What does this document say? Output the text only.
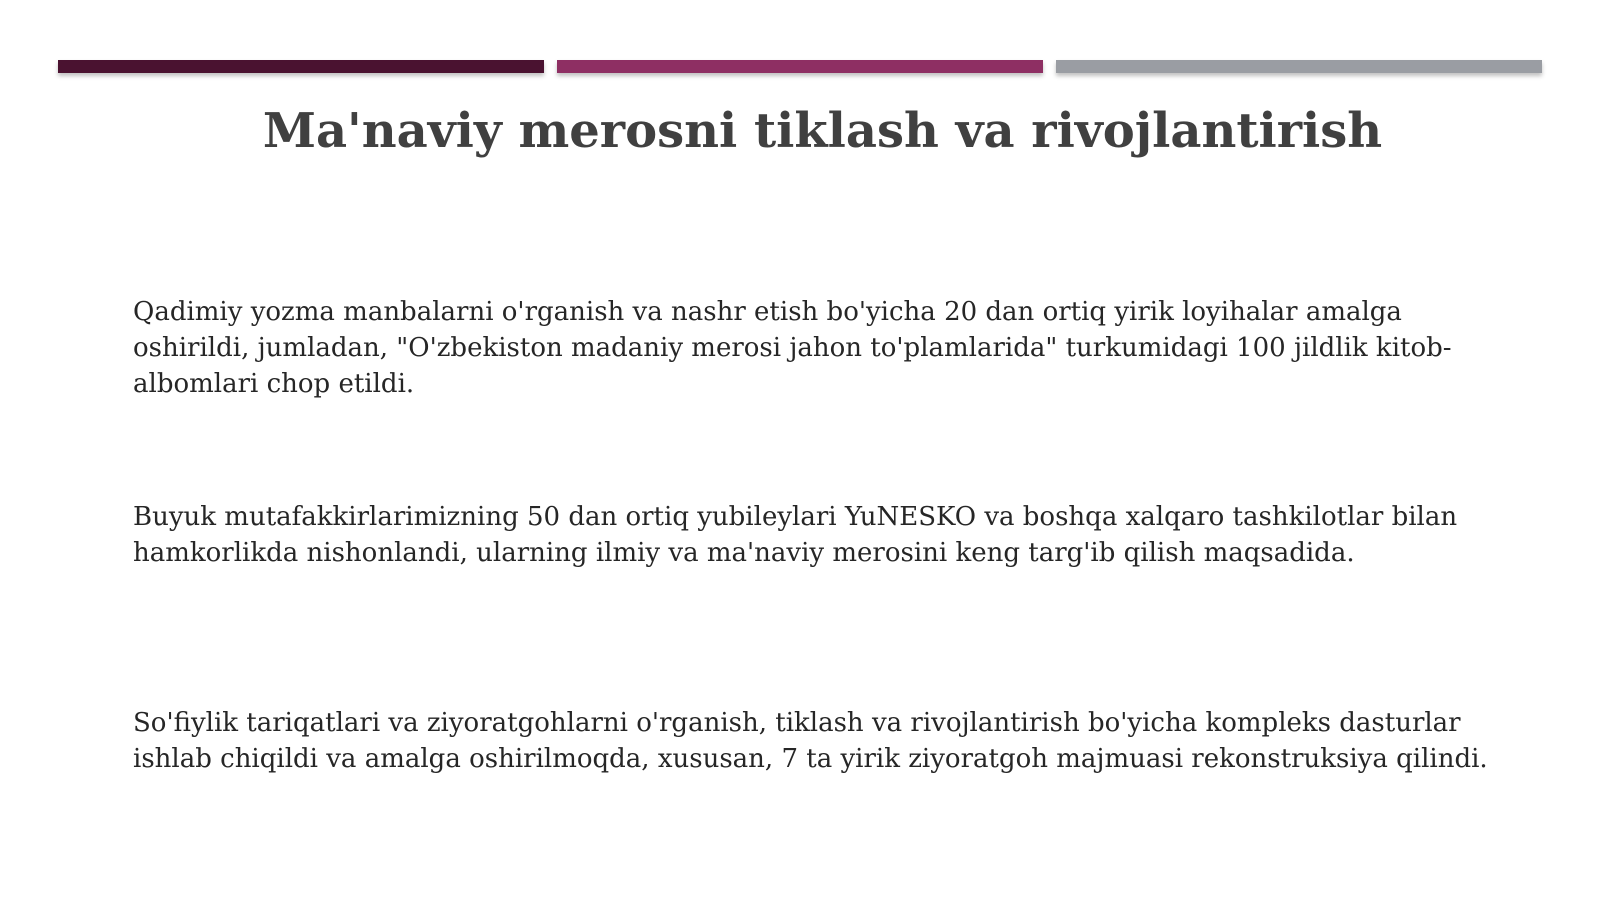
Ma'naviy merosni tiklash va rivojlantirish

Qadimiy yozma manbalarni o'rganish va nashr etish bo'yicha 20 dan ortiq yirik loyihalar amalga oshirildi, jumladan, "O'zbekiston madaniy merosi jahon to'plamlarida" turkumidagi 100 jildlik kitob-albomlari chop etildi.

Buyuk mutafakkirlarimizning 50 dan ortiq yubileylari YuNESKO va boshqa xalqaro tashkilotlar bilan hamkorlikda nishonlandi, ularning ilmiy va ma'naviy merosini keng targ'ib qilish maqsadida.

So'fiylik tariqatlari va ziyoratgohlarni o'rganish, tiklash va rivojlantirish bo'yicha kompleks dasturlar ishlab chiqildi va amalga oshirilmoqda, xususan, 7 ta yirik ziyoratgoh majmuasi rekonstruksiya qilindi.
